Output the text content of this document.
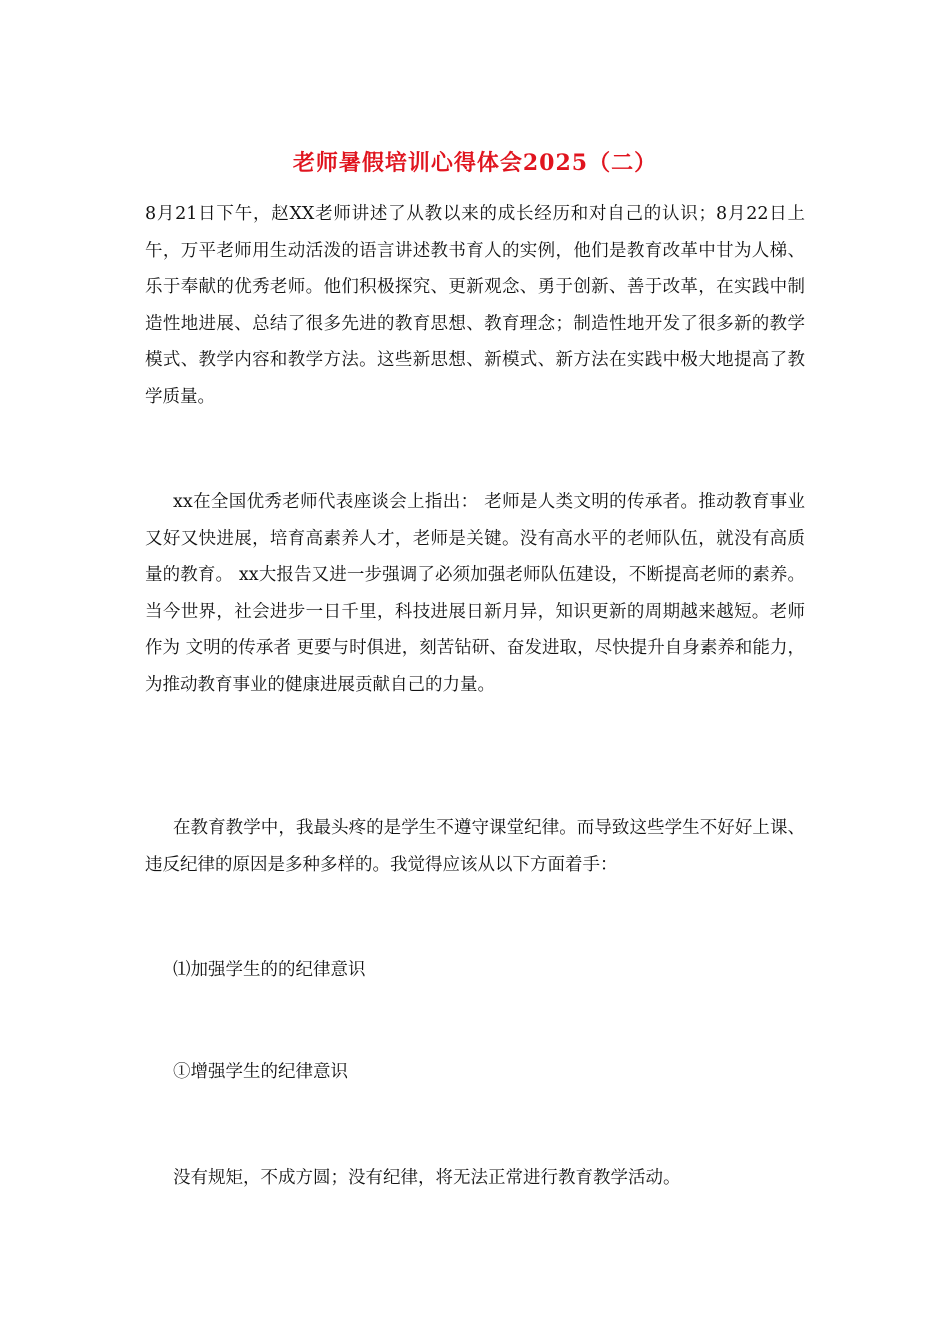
老师暑假培训心得体会2025（二）

8月21日下午，赵XX老师讲述了从教以来的成长经历和对自己的认识；8月22日上午，万平老师用生动活泼的语言讲述教书育人的实例，他们是教育改革中甘为人梯、乐于奉献的优秀老师。他们积极探究、更新观念、勇于创新、善于改革，在实践中制造性地进展、总结了很多先进的教育思想、教育理念；制造性地开发了很多新的教学模式、教学内容和教学方法。这些新思想、新模式、新方法在实践中极大地提高了教学质量。

xx在全国优秀老师代表座谈会上指出： 老师是人类文明的传承者。推动教育事业又好又快进展，培育高素养人才，老师是关键。没有高水平的老师队伍，就没有高质量的教育。 xx大报告又进一步强调了必须加强老师队伍建设，不断提高老师的素养。当今世界，社会进步一日千里，科技进展日新月异，知识更新的周期越来越短。老师作为 文明的传承者 更要与时俱进，刻苦钻研、奋发进取，尽快提升自身素养和能力，为推动教育事业的健康进展贡献自己的力量。

在教育教学中，我最头疼的是学生不遵守课堂纪律。而导致这些学生不好好上课、违反纪律的原因是多种多样的。我觉得应该从以下方面着手：

⑴加强学生的的纪律意识

①增强学生的纪律意识

没有规矩，不成方圆；没有纪律，将无法正常进行教育教学活动。
